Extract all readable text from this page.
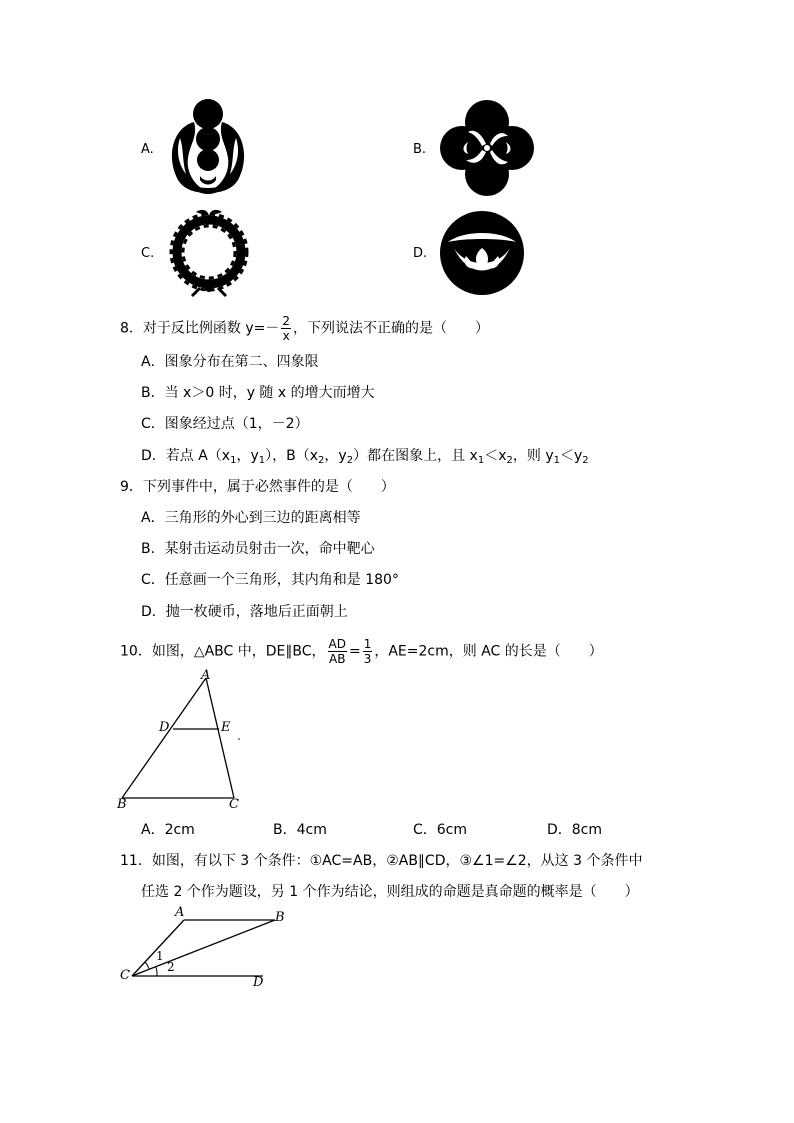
A.	B.
C.	D.
8．对于反比例函数 $y=- \frac{2}{x}$ ，下列说法不正确的是（　　）
A．图象分布在第二、四象限
B．当 x＞0 时，y 随 x 的增大而增大
C．图象经过点（1，－2）
D．若点 $A(x_1$，$y_1$），$B(x_2$，$y_2$）都在图象上，且 $x_1<x_2$，则 $y_1<y_2$
9．下列事件中，属于必然事件的是（　　）
A．三角形的外心到三边的距离相等
B．某射击运动员射击一次，命中靶心
C．任意画一个三角形，其内角和是 180°
D．抛一枚硬币，落地后正面朝上
10．如图，△ABC 中，DE∥BC， $\frac{AD}{AB} = \frac{1}{3}$ ，AE=2cm，则 AC 的长是（　　）
A
D	E
B	C
A．2cm	B．4cm	C．6cm	D．8cm
11．如图，有以下 3 个条件：①AC=AB，②AB∥CD，③∠1=∠2，从这 3 个条件中
任选 2 个作为题设，另 1 个作为结论，则组成的命题是真命题的概率是（　　）
A	B
C	D
1
2
